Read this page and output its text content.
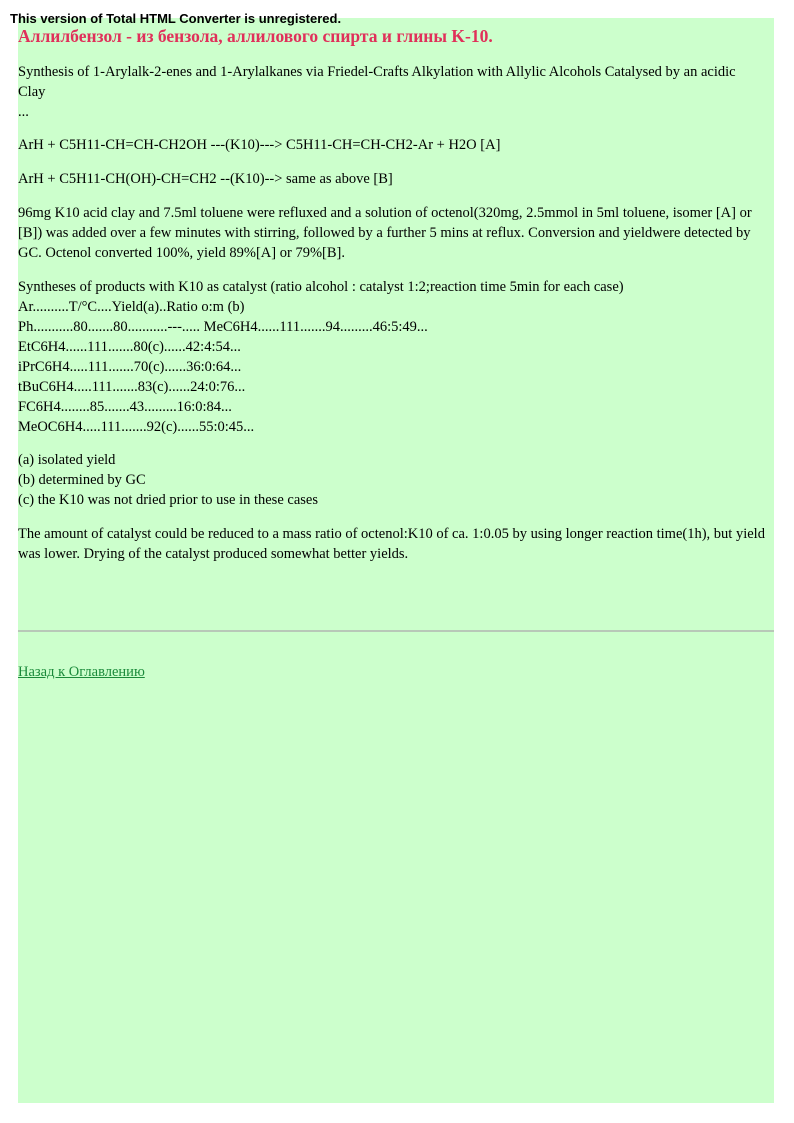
This version of Total HTML Converter is unregistered.
Аллилбензол - из бензола, аллилового спирта и глины K-10.

Synthesis of 1-Arylalk-2-enes and 1-Arylalkanes via Friedel-Crafts Alkylation with Allylic Alcohols Catalysed by an acidic
Clay
...

ArH + C5H11-CH=CH-CH2OH ---(K10)---> C5H11-CH=CH-CH2-Ar + H2O [A]

ArH + C5H11-CH(OH)-CH=CH2 --(K10)--> same as above [B]

96mg K10 acid clay and 7.5ml toluene were refluxed and a solution of octenol(320mg, 2.5mmol in 5ml toluene, isomer [A] or [B]) was added over a few minutes with stirring, followed by a further 5 mins at reflux. Conversion and yieldwere detected by GC. Octenol converted 100%, yield 89%[A] or 79%[B].

Syntheses of products with K10 as catalyst (ratio alcohol : catalyst 1:2;reaction time 5min for each case)
Ar..........T/°C....Yield(a)..Ratio o:m (b)
Ph...........80.......80...........---..... MeC6H4......111.......94.........46:5:49...
EtC6H4......111.......80(c)......42:4:54...
iPrC6H4.....111.......70(c)......36:0:64...
tBuC6H4.....111.......83(c)......24:0:76...
FC6H4........85.......43.........16:0:84...
MeOC6H4.....111.......92(c)......55:0:45...
(a) isolated yield
(b) determined by GC
(c) the K10 was not dried prior to use in these cases

The amount of catalyst could be reduced to a mass ratio of octenol:K10 of ca. 1:0.05 by using longer reaction time(1h), but yield was lower. Drying of the catalyst produced somewhat better yields.

Назад к Оглавлению
